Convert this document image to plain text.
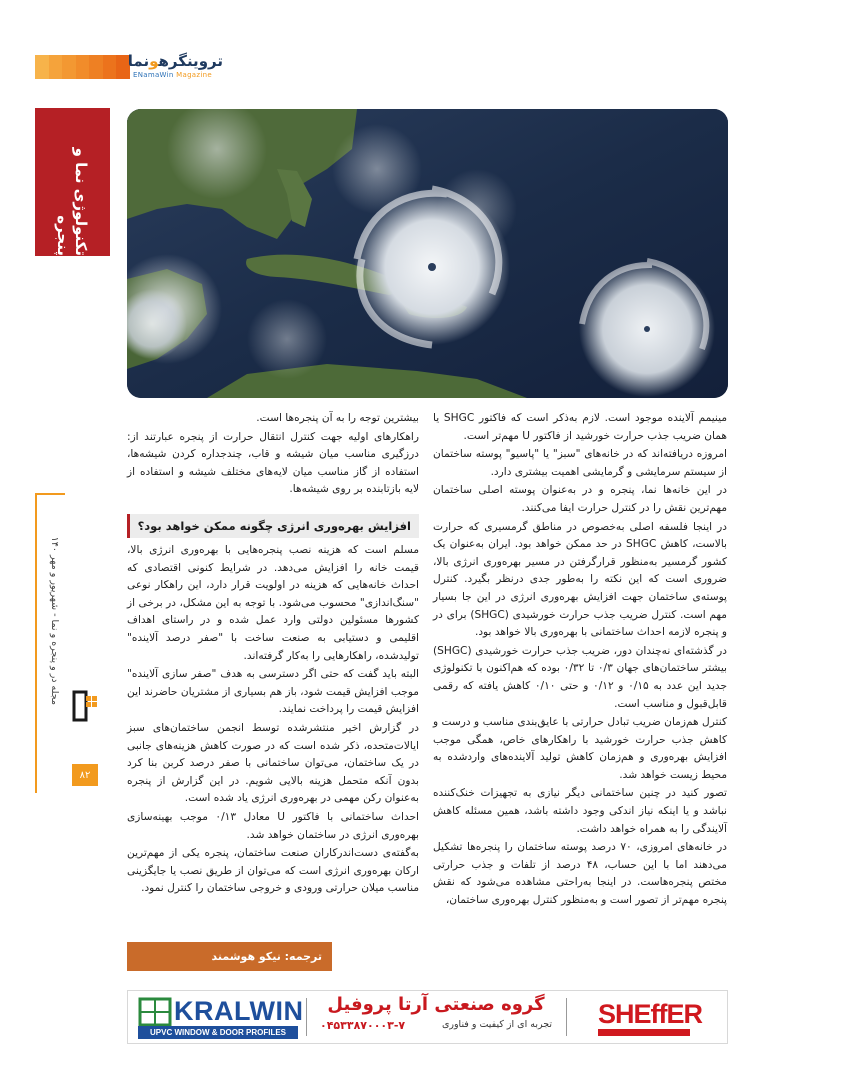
تروینگرهونما
ENamaWin Magazine
تکنولوژی نما و پنجره
مجله در و پنجره و نما - شهریور و مهر ۱۴۰
۸۲

مینیمم آلاینده موجود است. لازم به‌ذکر است که فاکتور SHGC یا همان ضریب جذب حرارت خورشید از فاکتور U مهم‌تر است.

امروزه دریافته‌اند که در خانه‌های "سبز" یا "پاسیو" پوسته ساختمان از سیستم سرمایشی و گرمایشی اهمیت بیشتری دارد.

در این خانه‌ها نما، پنجره و در به‌عنوان پوسته اصلی ساختمان مهم‌ترین نقش را در کنترل حرارت ایفا می‌کنند.

در اینجا فلسفه اصلی به‌خصوص در مناطق گرمسیری که حرارت بالاست، کاهش SHGC در حد ممکن خواهد بود. ایران به‌عنوان یک کشور گرمسیر به‌منظور قرارگرفتن در مسیر بهره‌وری انرژی بالا، ضروری است که این نکته را به‌طور جدی درنظر بگیرد. کنترل پوسته‌ی ساختمان جهت افزایش بهره‌وری انرژی در این جا بسیار مهم است. کنترل ضریب جذب حرارت خورشیدی (SHGC) برای در و پنجره لازمه احداث ساختمانی با بهره‌وری بالا خواهد بود.

در گذشته‌ای نه‌چندان دور، ضریب جذب حرارت خورشیدی (SHGC) بیشتر ساختمان‌های جهان ۰/۳ تا ۰/۳۲ بوده که هم‌اکنون با تکنولوژی جدید این عدد به ۰/۱۵ و ۰/۱۲ و حتی ۰/۱۰ کاهش یافته که رقمی قابل‌قبول و مناسب است.

کنترل هم‌زمان ضریب تبادل حرارتی با عایق‌بندی مناسب و درست و کاهش جذب حرارت خورشید با راهکارهای خاص، همگی موجب افزایش بهره‌وری و هم‌زمان کاهش تولید آلاینده‌های واردشده به محیط زیست خواهد شد.

تصور کنید در چنین ساختمانی دیگر نیازی به تجهیزات خنک‌کننده نباشد و یا اینکه نیاز اندکی وجود داشته باشد، همین مسئله کاهش آلایندگی را به همراه خواهد داشت.

در خانه‌های امروزی، ۷۰ درصد پوسته ساختمان را پنجره‌ها تشکیل می‌دهند اما با این حساب، ۴۸ درصد از تلفات و جذب حرارتی مختص پنجره‌هاست. در اینجا به‌راحتی مشاهده می‌شود که نقش پنجره مهم‌تر از تصور است و به‌منظور کنترل بهره‌وری ساختمان،

بیشترین توجه را به آن پنجره‌ها است.

راهکارهای اولیه جهت کنترل انتقال حرارت از پنجره عبارتند از: درزگیری مناسب میان شیشه و قاب، چندجداره کردن شیشه‌ها، استفاده از گاز مناسب میان لایه‌های مختلف شیشه و استفاده از لایه بازتابنده بر روی شیشه‌ها.

افزایش بهره‌وری انرژی چگونه ممکن خواهد بود؟

مسلم است که هزینه نصب پنجره‌هایی با بهره‌وری انرژی بالا، قیمت خانه را افزایش می‌دهد. در شرایط کنونی اقتصادی که احداث خانه‌هایی که هزینه در اولویت قرار دارد، این راهکار نوعی "سنگ‌اندازی" محسوب می‌شود. با توجه به این مشکل، در برخی از کشورها مسئولین دولتی وارد عمل شده و در راستای اهداف اقلیمی و دستیابی به صنعت ساخت با "صفر درصد آلاینده" تولیدشده، راهکارهایی را به‌کار گرفته‌اند.

البته باید گفت که حتی اگر دسترسی به هدف "صفر سازی آلاینده" موجب افزایش قیمت شود، باز هم بسیاری از مشتریان حاضرند این افزایش قیمت را پرداخت نمایند.

در گزارش اخیر منتشرشده توسط انجمن ساختمان‌های سبز ایالات‌متحده، ذکر شده است که در صورت کاهش هزینه‌های جانبی در یک ساختمان، می‌توان ساختمانی با صفر درصد کربن بنا کرد بدون آنکه متحمل هزینه بالایی شویم. در این گزارش از پنجره به‌عنوان رکن مهمی در بهره‌وری انرژی یاد شده است.

احداث ساختمانی با فاکتور U معادل ۰/۱۳ موجب بهینه‌سازی بهره‌وری انرژی در ساختمان خواهد شد.

به‌گفته‌ی دست‌اندرکاران صنعت ساختمان، پنجره یکی از مهم‌ترین ارکان بهره‌وری انرژی است که می‌توان از طریق نصب یا جایگزینی مناسب میلان حرارتی ورودی و خروجی ساختمان را کنترل نمود.

ترجمه: نیکو هوشمند
KRALWIN
UPVC WINDOW & DOOR PROFILES
گروه صنعتی آرتا پروفیل
۰۴۵۳۳۸۷۰۰۰۳-۷	تجربه ای از کیفیت و فناوری SHEffER
